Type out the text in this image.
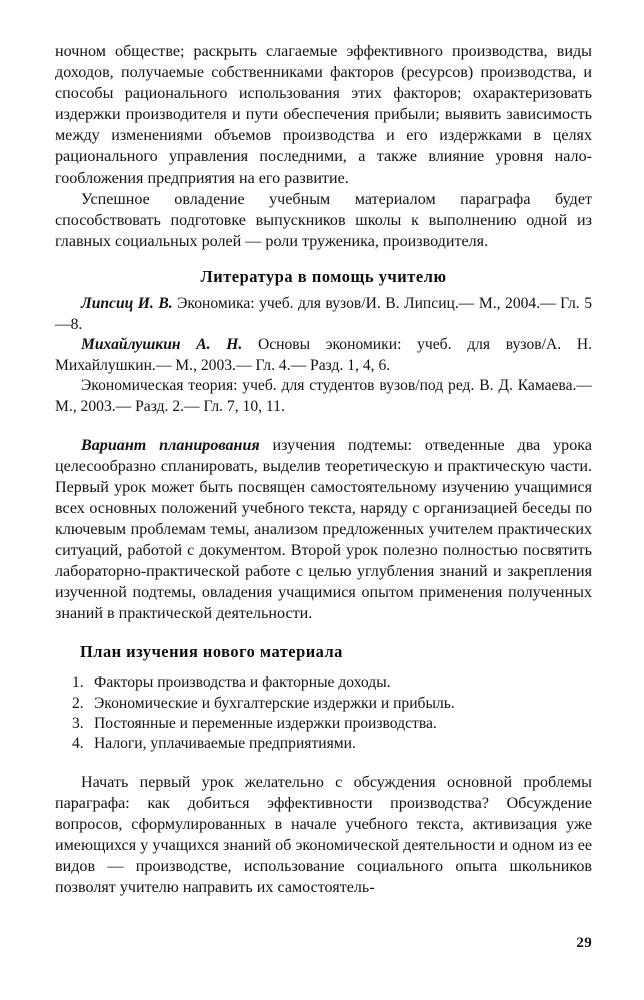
ночном обществе; раскрыть слагаемые эффективного производства, виды доходов, получаемые собственниками факторов (ресурсов) производства, и способы рационального использования этих факторов; охарактеризовать издержки производителя и пути обеспечения прибыли; выявить зависимость между изменениями объемов производства и его издержками в целях рационального управления последними, а также влияние уровня налогообложения предприятия на его развитие.

Успешное овладение учебным материалом параграфа будет способствовать подготовке выпускников школы к выполнению одной из главных социальных ролей — роли труженика, производителя.

Литература в помощь учителю

Липсиц И. В. Экономика: учеб. для вузов/И. В. Липсиц.— М., 2004.— Гл. 5—8.

Михайлушкин А. Н. Основы экономики: учеб. для вузов/А. Н. Михайлушкин.— М., 2003.— Гл. 4.— Разд. 1, 4, 6.

Экономическая теория: учеб. для студентов вузов/под ред. В. Д. Камаева.— М., 2003.— Разд. 2.— Гл. 7, 10, 11.

Вариант планирования изучения подтемы: отведенные два урока целесообразно спланировать, выделив теоретическую и практическую части. Первый урок может быть посвящен самостоятельному изучению учащимися всех основных положений учебного текста, наряду с организацией беседы по ключевым проблемам темы, анализом предложенных учителем практических ситуаций, работой с документом. Второй урок полезно полностью посвятить лабораторно-практической работе с целью углубления знаний и закрепления изученной подтемы, овладения учащимися опытом применения полученных знаний в практической деятельности.

План изучения нового материала
1. Факторы производства и факторные доходы.
2. Экономические и бухгалтерские издержки и прибыль.
3. Постоянные и переменные издержки производства.
4. Налоги, уплачиваемые предприятиями.

Начать первый урок желательно с обсуждения основной проблемы параграфа: как добиться эффективности производства? Обсуждение вопросов, сформулированных в начале учебного текста, активизация уже имеющихся у учащихся знаний об экономической деятельности и одном из ее видов — производстве, использование социального опыта школьников позволят учителю направить их самостоятель-

29
